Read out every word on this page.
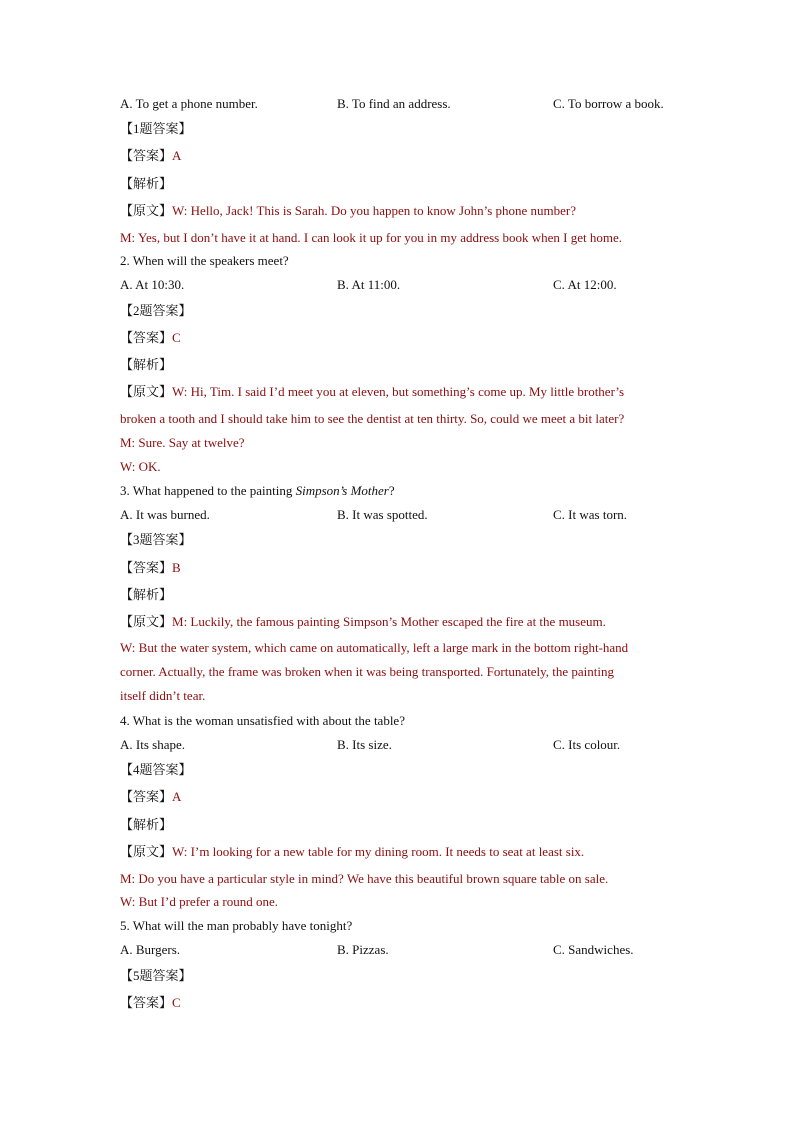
A. To get a phone number.	B. To find an address.	C. To borrow a book.
【1题答案】
【答案】A
【解析】
【原文】W: Hello, Jack! This is Sarah. Do you happen to know John’s phone number?
M: Yes, but I don’t have it at hand. I can look it up for you in my address book when I get home.
2. When will the speakers meet?
A. At 10:30.	B. At 11:00.	C. At 12:00.
【2题答案】
【答案】C
【解析】
【原文】W: Hi, Tim. I said I’d meet you at eleven, but something’s come up. My little brother’s
broken a tooth and I should take him to see the dentist at ten thirty. So, could we meet a bit later?
M: Sure. Say at twelve?
W: OK.
3. What happened to the painting Simpson’s Mother?
A. It was burned.	B. It was spotted.	C. It was torn.
【3题答案】
【答案】B
【解析】
【原文】M: Luckily, the famous painting Simpson’s Mother escaped the fire at the museum.
W: But the water system, which came on automatically, left a large mark in the bottom right-hand
corner. Actually, the frame was broken when it was being transported. Fortunately, the painting
itself didn’t tear.
4. What is the woman unsatisfied with about the table?
A. Its shape.	B. Its size.	C. Its colour.
【4题答案】
【答案】A
【解析】
【原文】W: I’m looking for a new table for my dining room. It needs to seat at least six.
M: Do you have a particular style in mind? We have this beautiful brown square table on sale.
W: But I’d prefer a round one.
5. What will the man probably have tonight?
A. Burgers.	B. Pizzas.	C. Sandwiches.
【5题答案】
【答案】C
